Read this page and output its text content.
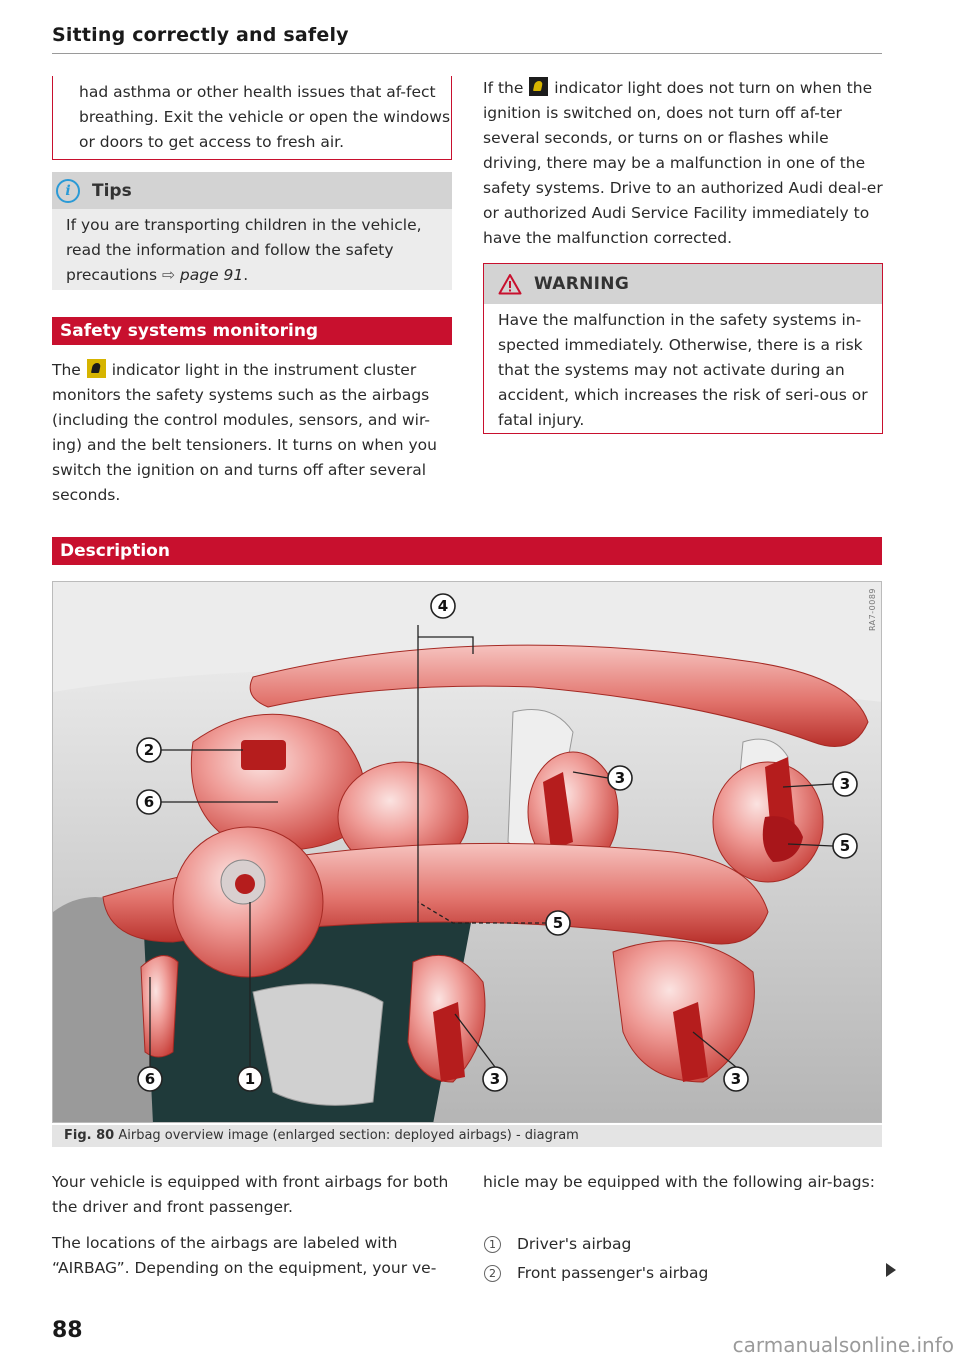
Sitting correctly and safely

had asthma or other health issues that af-fect breathing. Exit the vehicle or open the windows or doors to get access to fresh air.

i	Tips
If you are transporting children in the vehicle, read the information and follow the safety precautions ⇨ page 91.
Safety systems monitoring
The indicator light in the instrument cluster monitors the safety systems such as the airbags (including the control modules, sensors, and wir-ing) and the belt tensioners. It turns on when you switch the ignition on and turns off after several seconds.
If the indicator light does not turn on when the ignition is switched on, does not turn off af-ter several seconds, or turns on or flashes while driving, there may be a malfunction in one of the safety systems. Drive to an authorized Audi deal-er or authorized Audi Service Facility immediately to have the malfunction corrected.
WARNING
Have the malfunction in the safety systems in-spected immediately. Otherwise, there is a risk that the systems may not activate during an accident, which increases the risk of seri-ous or fatal injury.
Description
4
2
6
3	3
5
5
6	1	3	3
RA7-0089
Fig. 80 Airbag overview image (enlarged section: deployed airbags) - diagram
Your vehicle is equipped with front airbags for both the driver and front passenger.
The locations of the airbags are labeled with “AIRBAG”. Depending on the equipment, your ve-
hicle may be equipped with the following air-bags:
1	Driver's airbag
2	Front passenger's airbag
88
carmanualsonline.info
